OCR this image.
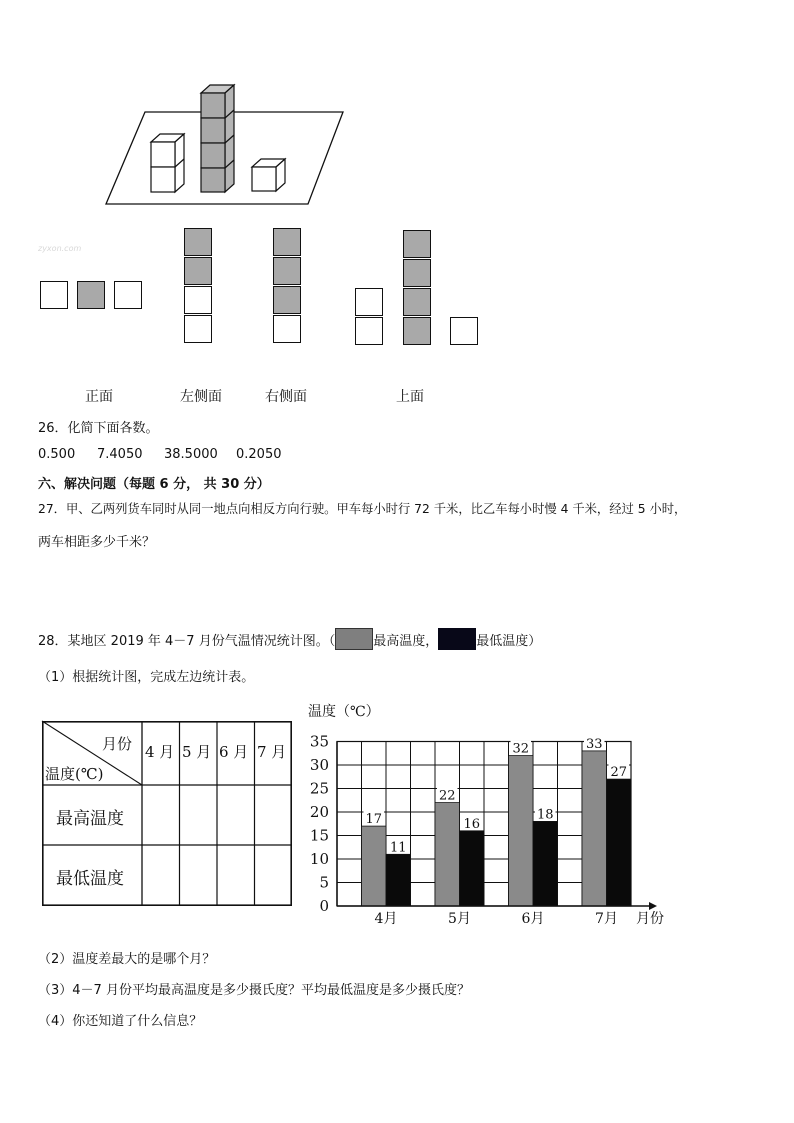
zyxon.com
正面	左侧面	右侧面	上面
26．化简下面各数。
0.500 7.4050 38.5000 0.2050
六、解决问题（每题 6 分， 共 30 分）
27．甲、乙两列货车同时从同一地点向相反方向行驶。甲车每小时行 72 千米，比乙车每小时慢 4 千米，经过 5 小时，
两车相距多少千米？
28．某地区 2019 年 4－7 月份气温情况统计图。（	最高温度，	最低温度）
（1）根据统计图，完成左边统计表。
月份
温度(℃)
4 月 5 月 6 月 7 月
最高温度
最低温度
17
11
4月
22
16
5月
32
18
6月
33
27
7月
0
5
10
15
20
25
30
35
温度（℃）
月份
（2）温度差最大的是哪个月？
（3）4－7 月份平均最高温度是多少摄氏度？平均最低温度是多少摄氏度？
（4）你还知道了什么信息？
